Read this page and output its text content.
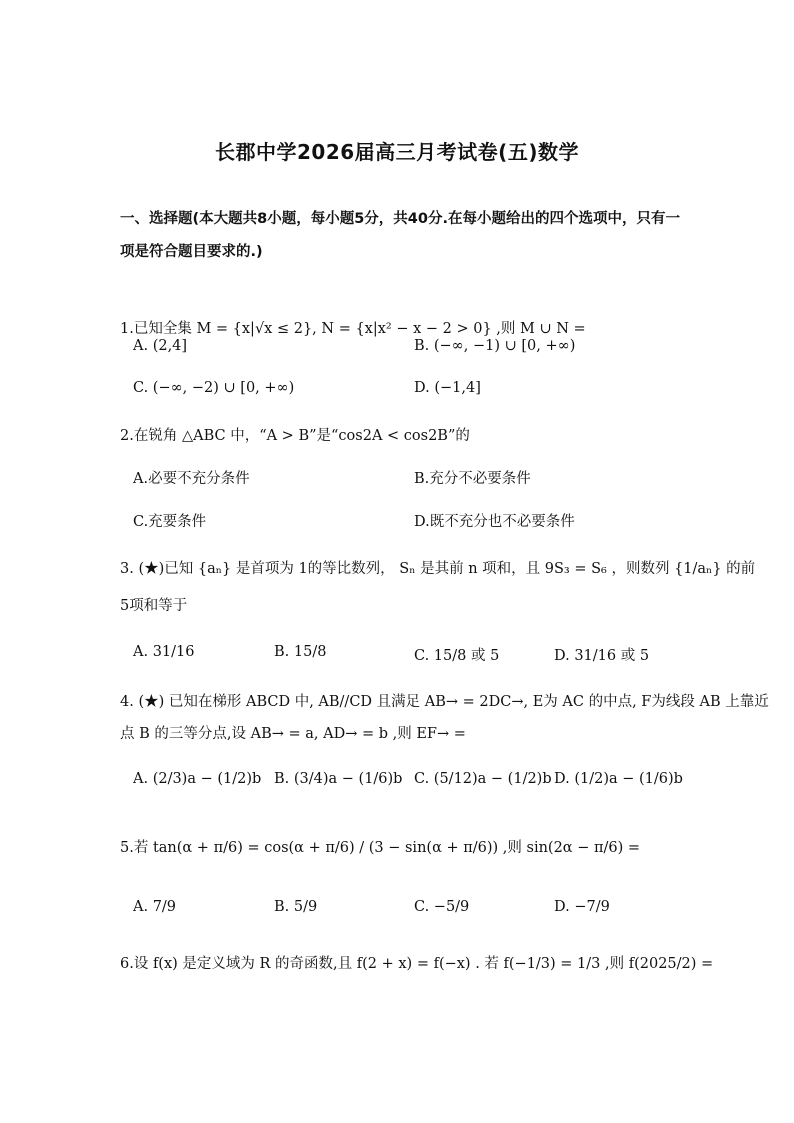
长郡中学2026届高三月考试卷(五)数学
一、选择题(本大题共8小题，每小题5分，共40分.在每小题给出的四个选项中，只有一
项是符合题目要求的.)
1.已知全集 M = {x|√x ≤ 2}, N = {x|x² − x − 2 > 0} ,则 M ∪ N =
A. (2,4]	B. (−∞, −1) ∪ [0, +∞)
C. (−∞, −2) ∪ [0, +∞)	D. (−1,4]
2.在锐角 △ABC 中，“A > B”是“cos2A < cos2B”的
A.必要不充分条件	B.充分不必要条件
C.充要条件	D.既不充分也不必要条件
3. (★)已知 {aₙ} 是首项为 1的等比数列， Sₙ 是其前 n 项和，且 9S₃ = S₆ ，则数列 {1/aₙ} 的前
5项和等于
A. 31/16	B. 15/8	C. 15/8 或 5	D. 31/16 或 5
4. (★) 已知在梯形 ABCD 中, AB//CD 且满足 AB→ = 2DC→, E为 AC 的中点, F为线段 AB 上靠近
点 B 的三等分点,设 AB→ = a, AD→ = b ,则 EF→ =
A. (2/3)a − (1/2)b B. (3/4)a − (1/6)b C. (5/12)a − (1/2)b D. (1/2)a − (1/6)b
5.若 tan(α + π/6) = cos(α + π/6) / (3 − sin(α + π/6)) ,则 sin(2α − π/6) =
A. 7/9	B. 5/9	C. −5/9	D. −7/9
6.设 f(x) 是定义域为 R 的奇函数,且 f(2 + x) = f(−x) . 若 f(−1/3) = 1/3 ,则 f(2025/2) =
